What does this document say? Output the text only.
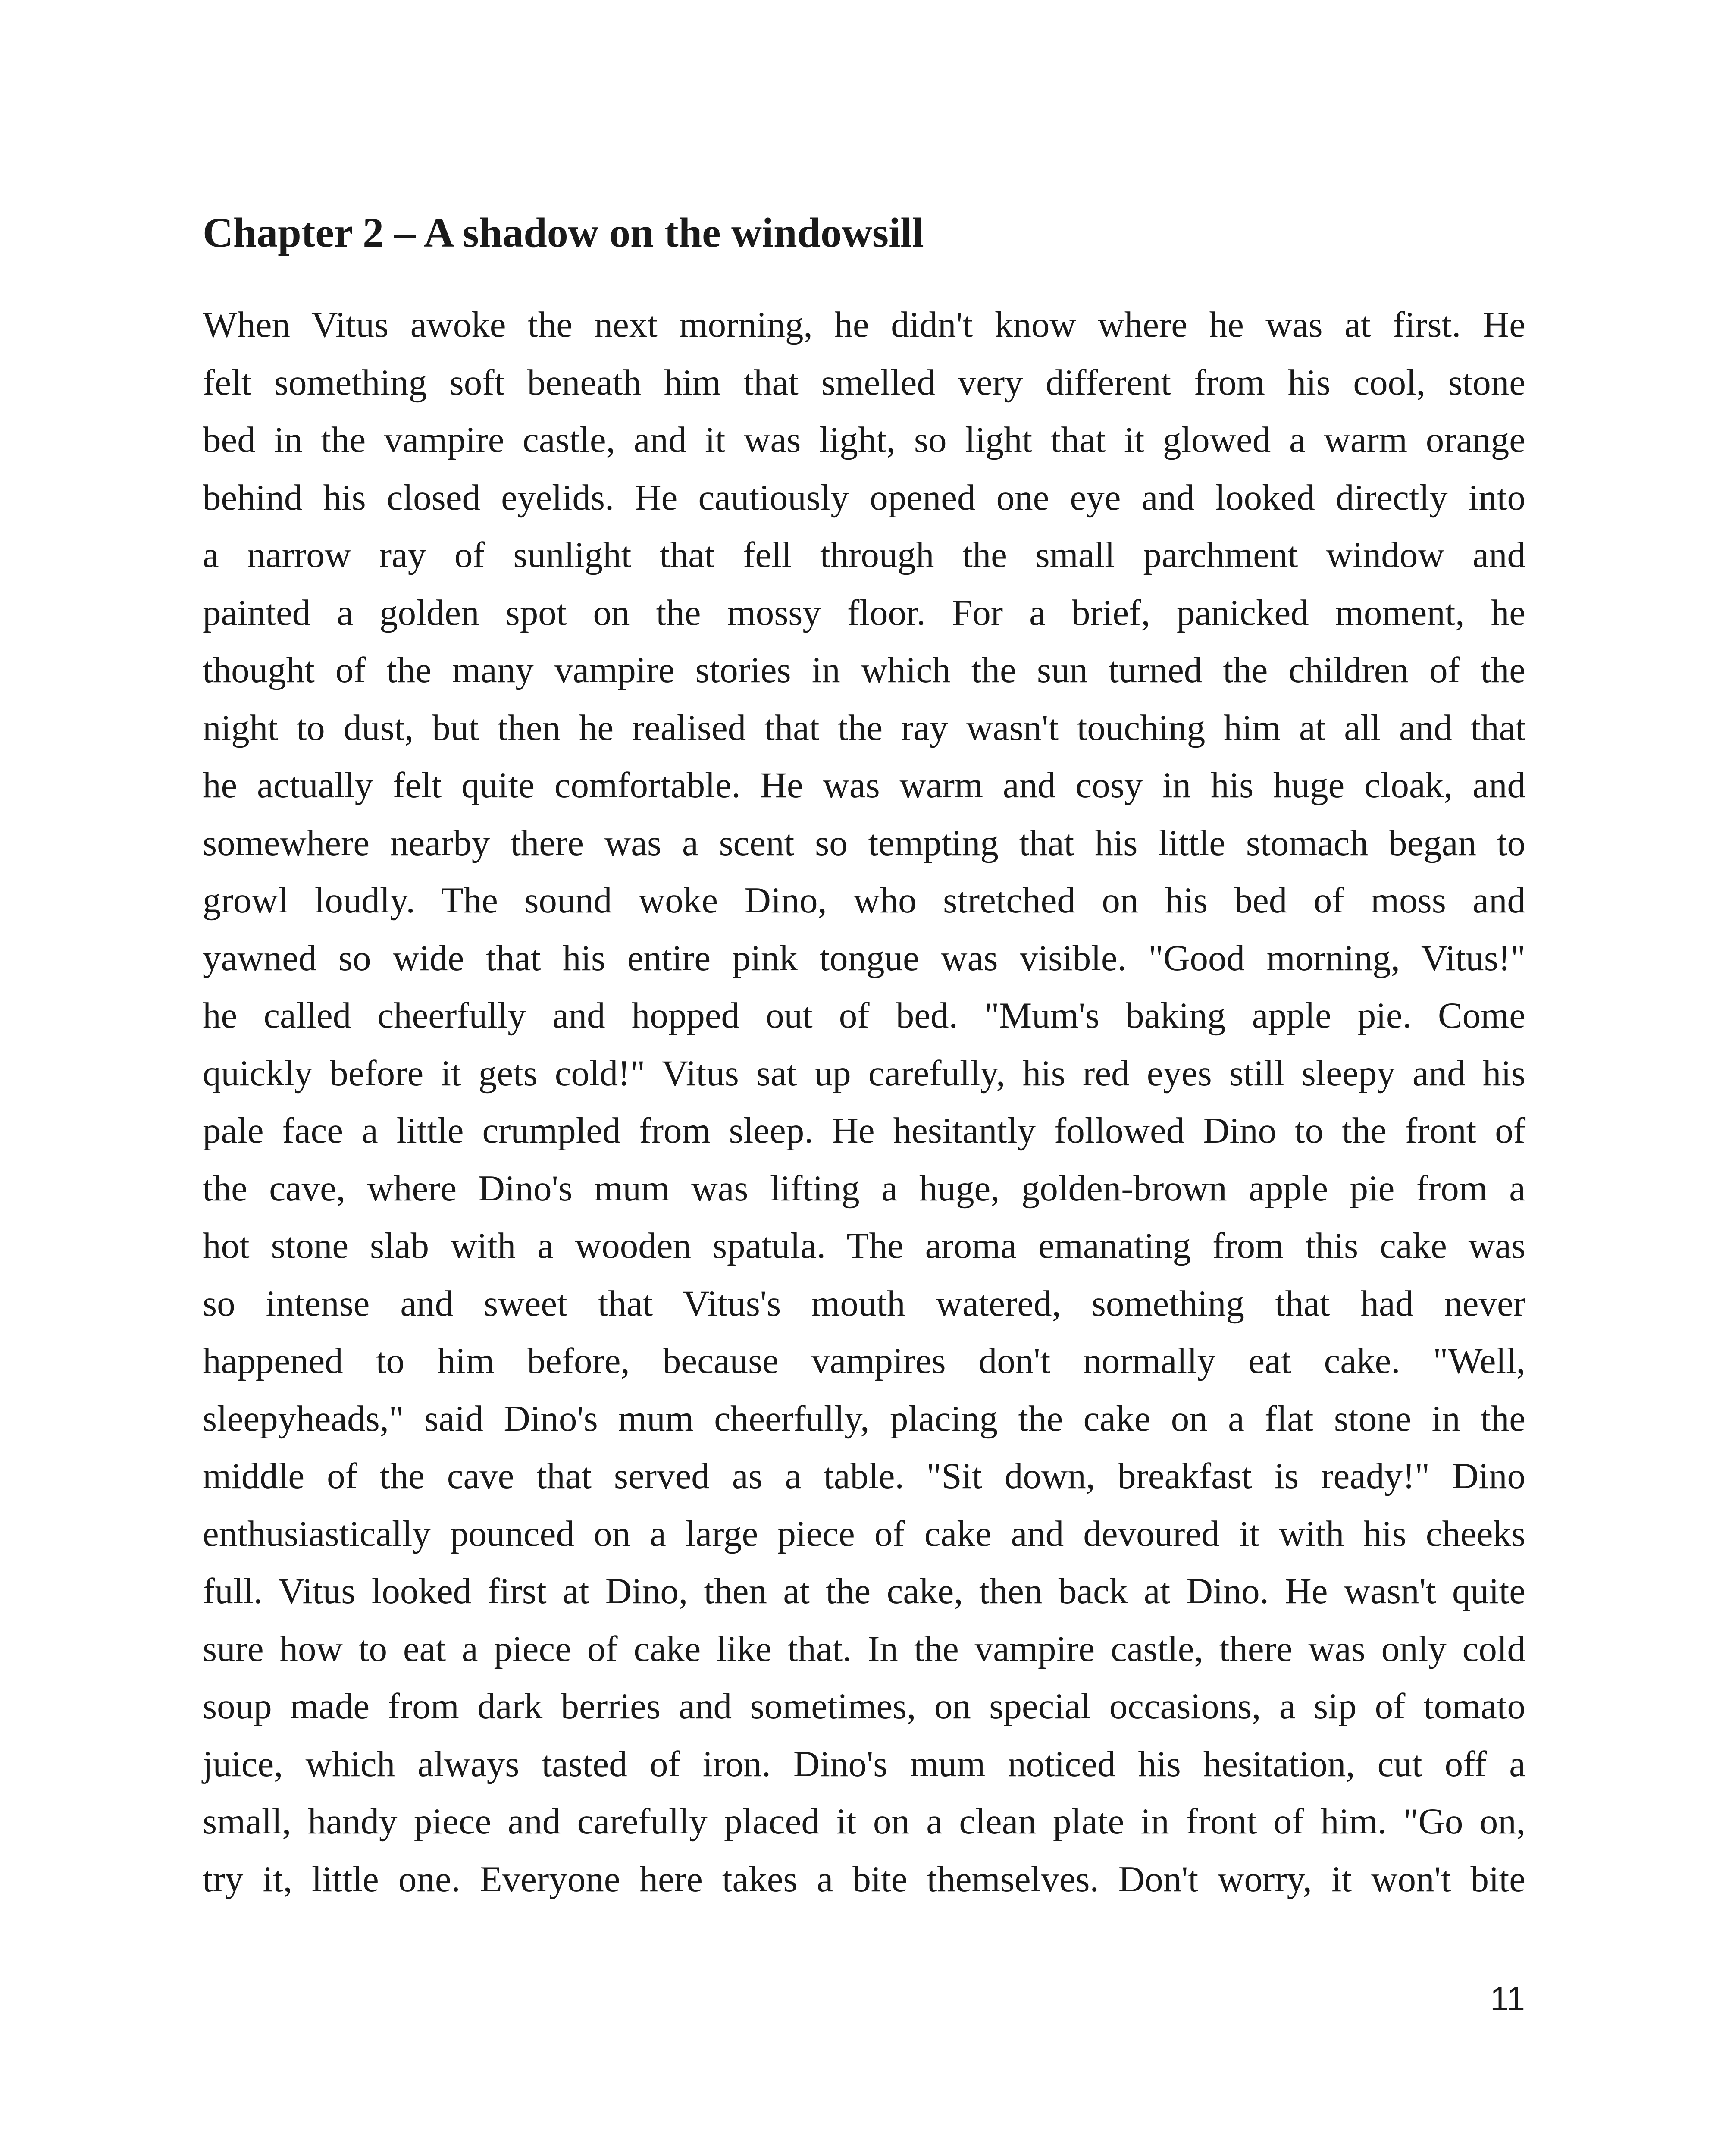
Chapter 2 – A shadow on the windowsill
When Vitus awoke the next morning, he didn't know where he was at first. He
felt something soft beneath him that smelled very different from his cool, stone
bed in the vampire castle, and it was light, so light that it glowed a warm orange
behind his closed eyelids. He cautiously opened one eye and looked directly into
a narrow ray of sunlight that fell through the small parchment window and
painted a golden spot on the mossy floor. For a brief, panicked moment, he
thought of the many vampire stories in which the sun turned the children of the
night to dust, but then he realised that the ray wasn't touching him at all and that
he actually felt quite comfortable. He was warm and cosy in his huge cloak, and
somewhere nearby there was a scent so tempting that his little stomach began to
growl loudly. The sound woke Dino, who stretched on his bed of moss and
yawned so wide that his entire pink tongue was visible. "Good morning, Vitus!"
he called cheerfully and hopped out of bed. "Mum's baking apple pie. Come
quickly before it gets cold!" Vitus sat up carefully, his red eyes still sleepy and his
pale face a little crumpled from sleep. He hesitantly followed Dino to the front of
the cave, where Dino's mum was lifting a huge, golden-brown apple pie from a
hot stone slab with a wooden spatula. The aroma emanating from this cake was
so intense and sweet that Vitus's mouth watered, something that had never
happened to him before, because vampires don't normally eat cake. "Well,
sleepyheads," said Dino's mum cheerfully, placing the cake on a flat stone in the
middle of the cave that served as a table. "Sit down, breakfast is ready!" Dino
enthusiastically pounced on a large piece of cake and devoured it with his cheeks
full. Vitus looked first at Dino, then at the cake, then back at Dino. He wasn't quite
sure how to eat a piece of cake like that. In the vampire castle, there was only cold
soup made from dark berries and sometimes, on special occasions, a sip of tomato
juice, which always tasted of iron. Dino's mum noticed his hesitation, cut off a
small, handy piece and carefully placed it on a clean plate in front of him. "Go on,
try it, little one. Everyone here takes a bite themselves. Don't worry, it won't bite
11
